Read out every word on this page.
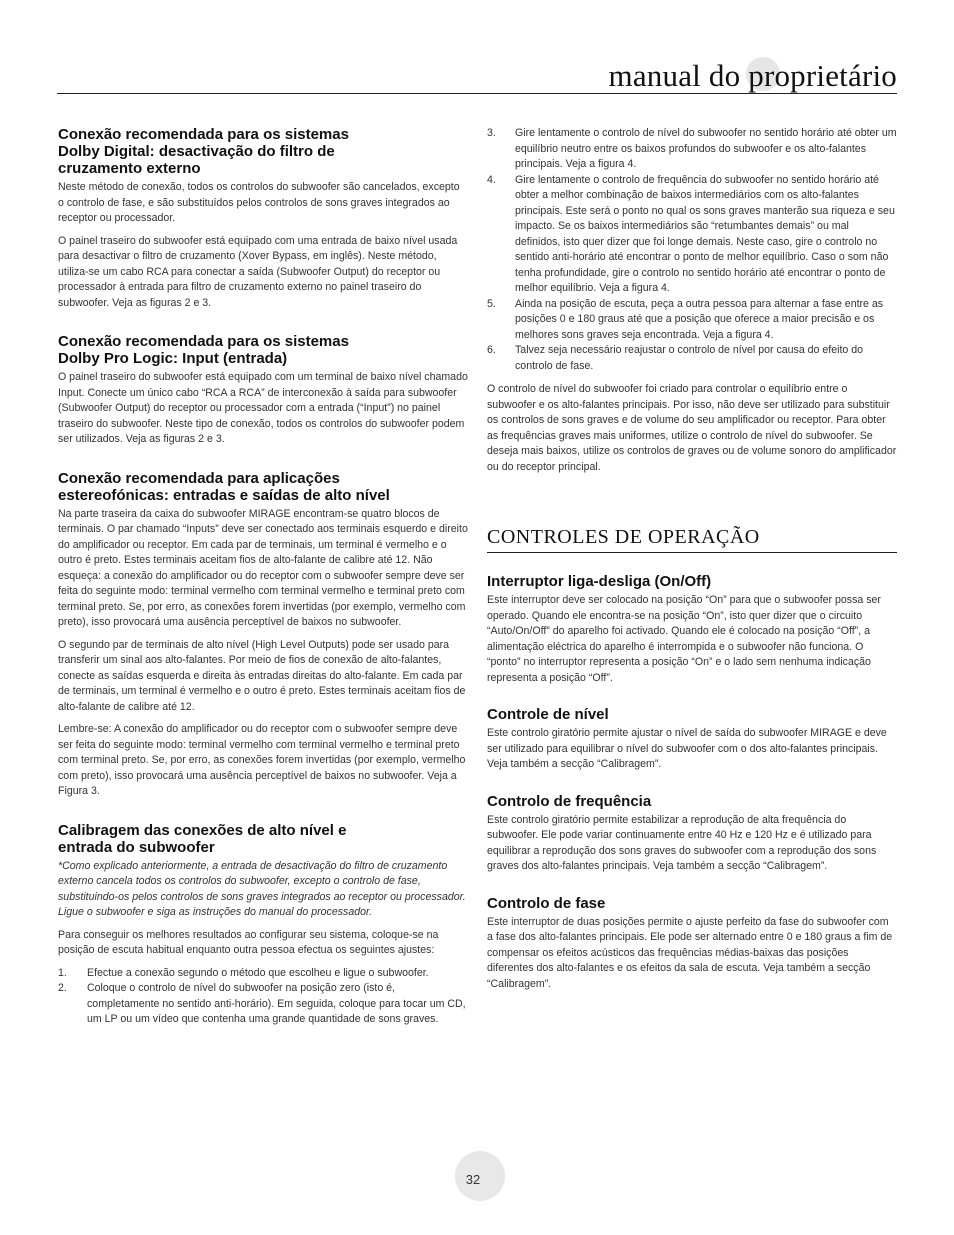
manual do proprietário
Conexão recomendada para os sistemas
Dolby Digital: desactivação do filtro de
cruzamento externo

Neste método de conexão, todos os controlos do subwoofer são cancelados, excepto o controlo de fase, e são substituídos pelos controlos de sons graves integrados ao receptor ou processador.

O painel traseiro do subwoofer está equipado com uma entrada de baixo nível usada para desactivar o filtro de cruzamento (Xover Bypass, em inglês). Neste método, utiliza-se um cabo RCA para conectar a saída (Subwoofer Output) do receptor ou processador à entrada para filtro de cruzamento externo no painel traseiro do subwoofer. Veja as figuras 2 e 3.

Conexão recomendada para os sistemas
Dolby Pro Logic: Input (entrada)

O painel traseiro do subwoofer está equipado com um terminal de baixo nível chamado Input. Conecte um único cabo “RCA a RCA” de interconexão à saída para subwoofer (Subwoofer Output) do receptor ou processador com a entrada (“Input”) no painel traseiro do subwoofer. Neste tipo de conexão, todos os controlos do subwoofer podem ser utilizados. Veja as figuras 2 e 3.

Conexão recomendada para aplicações
estereofónicas: entradas e saídas de alto nível

Na parte traseira da caixa do subwoofer MIRAGE encontram-se quatro blocos de terminais. O par chamado “Inputs” deve ser conectado aos terminais esquerdo e direito do amplificador ou receptor. Em cada par de terminais, um terminal é vermelho e o outro é preto. Estes terminais aceitam fios de alto-falante de calibre até 12. Não esqueça: a conexão do amplificador ou do receptor com o subwoofer sempre deve ser feita do seguinte modo: terminal vermelho com terminal vermelho e terminal preto com terminal preto. Se, por erro, as conexões forem invertidas (por exemplo, vermelho com preto), isso provocará uma ausência perceptível de baixos no subwoofer.

O segundo par de terminais de alto nível (High Level Outputs) pode ser usado para transferir um sinal aos alto-falantes. Por meio de fios de conexão de alto-falantes, conecte as saídas esquerda e direita às entradas direitas do alto-falante. Em cada par de terminais, um terminal é vermelho e o outro é preto. Estes terminais aceitam fios de alto-falante de calibre até 12.

Lembre-se: A conexão do amplificador ou do receptor com o subwoofer sempre deve ser feita do seguinte modo: terminal vermelho com terminal vermelho e terminal preto com terminal preto. Se, por erro, as conexões forem invertidas (por exemplo, vermelho com preto), isso provocará uma ausência perceptível de baixos no subwoofer. Veja a Figura 3.

Calibragem das conexões de alto nível e
entrada do subwoofer

*Como explicado anteriormente, a entrada de desactivação do filtro de cruzamento externo cancela todos os controlos do subwoofer, excepto o controlo de fase, substituindo-os pelos controlos de sons graves integrados ao receptor ou processador. Ligue o subwoofer e siga as instruções do manual do processador.

Para conseguir os melhores resultados ao configurar seu sistema, coloque-se na posição de escuta habitual enquanto outra pessoa efectua os seguintes ajustes:

1.	Efectue a conexão segundo o método que escolheu e ligue o subwoofer.
2.	Coloque o controlo de nível do subwoofer na posição zero (isto é, completamente no sentido anti-horário). Em seguida, coloque para tocar um CD, um LP ou um vídeo que contenha uma grande quantidade de sons graves.
3.	Gire lentamente o controlo de nível do subwoofer no sentido horário até obter um equilíbrio neutro entre os baixos profundos do subwoofer e os alto-falantes principais. Veja a figura 4.
4.	Gire lentamente o controlo de frequência do subwoofer no sentido horário até obter a melhor combinação de baixos intermediários com os alto-falantes principais. Este será o ponto no qual os sons graves manterão sua riqueza e seu impacto. Se os baixos intermediários são “retumbantes demais” ou mal definidos, isto quer dizer que foi longe demais. Neste caso, gire o controlo no sentido anti-horário até encontrar o ponto de melhor equilíbrio. Caso o som não tenha profundidade, gire o controlo no sentido horário até encontrar o ponto de melhor equilíbrio. Veja a figura 4.
5.	Ainda na posição de escuta, peça a outra pessoa para alternar a fase entre as posições 0 e 180 graus até que a posição que oferece a maior precisão e os melhores sons graves seja encontrada. Veja a figura 4.
6.	Talvez seja necessário reajustar o controlo de nível por causa do efeito do controlo de fase.

O controlo de nível do subwoofer foi criado para controlar o equilíbrio entre o subwoofer e os alto-falantes principais. Por isso, não deve ser utilizado para substituir os controlos de sons graves e de volume do seu amplificador ou receptor. Para obter as frequências graves mais uniformes, utilize o controlo de nível do subwoofer. Se deseja mais baixos, utilize os controlos de graves ou de volume sonoro do amplificador ou do receptor principal.

CONTROLES DE OPERAÇÃO
Interruptor liga-desliga (On/Off)

Este interruptor deve ser colocado na posição “On” para que o subwoofer possa ser operado. Quando ele encontra-se na posição “On”, isto quer dizer que o circuito “Auto/On/Off” do aparelho foi activado. Quando ele é colocado na posição “Off”, a alimentação eléctrica do aparelho é interrompida e o subwoofer não funciona. O “ponto” no interruptor representa a posição “On” e o lado sem nenhuma indicação representa a posição “Off”.

Controle de nível

Este controlo giratório permite ajustar o nível de saída do subwoofer MIRAGE e deve ser utilizado para equilibrar o nível do subwoofer com o dos alto-falantes principais. Veja também a secção “Calibragem”.

Controlo de frequência

Este controlo giratório permite estabilizar a reprodução de alta frequência do subwoofer. Ele pode variar continuamente entre 40 Hz e 120 Hz e é utilizado para equilibrar a reprodução dos sons graves do subwoofer com a reprodução dos sons graves dos alto-falantes principais. Veja também a secção “Calibragem”.

Controlo de fase

Este interruptor de duas posições permite o ajuste perfeito da fase do subwoofer com a fase dos alto-falantes principais. Ele pode ser alternado entre 0 e 180 graus a fim de compensar os efeitos acústicos das frequências médias-baixas das posições diferentes dos alto-falantes e os efeitos da sala de escuta. Veja também a secção “Calibragem”.

32
